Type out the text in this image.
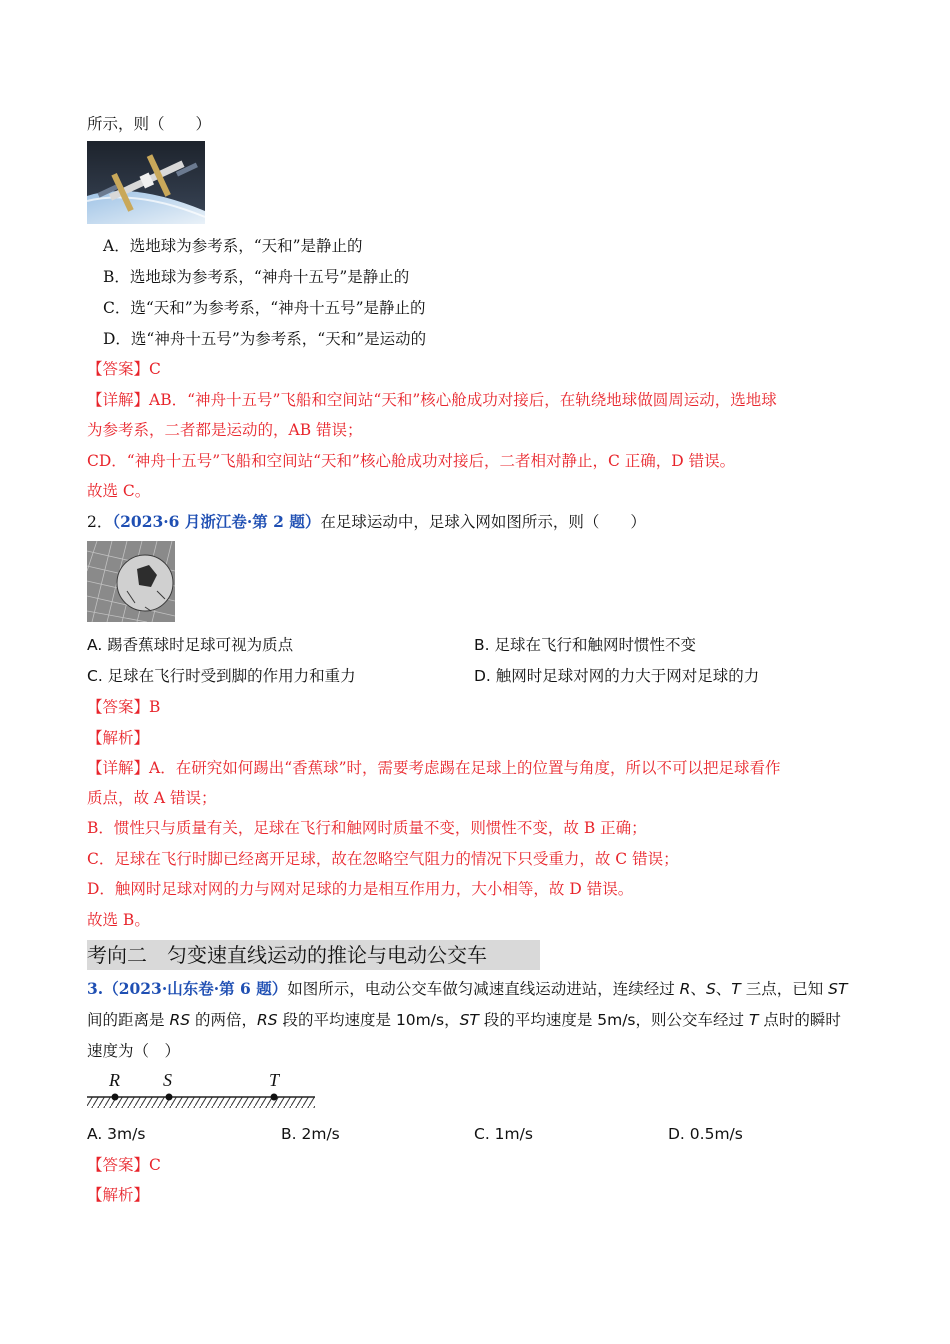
所示，则（　　）
A．选地球为参考系，“天和”是静止的
B．选地球为参考系，“神舟十五号”是静止的
C．选“天和”为参考系，“神舟十五号”是静止的
D．选“神舟十五号”为参考系，“天和”是运动的
【答案】C
【详解】AB．“神舟十五号”飞船和空间站“天和”核心舱成功对接后，在轨绕地球做圆周运动，选地球
为参考系，二者都是运动的，AB 错误；
CD．“神舟十五号”飞船和空间站“天和”核心舱成功对接后，二者相对静止，C 正确，D 错误。
故选 C。
2．（2023·6 月浙江卷·第 2 题）在足球运动中，足球入网如图所示，则（　　）
A. 踢香蕉球时足球可视为质点	B. 足球在飞行和触网时惯性不变
C. 足球在飞行时受到脚的作用力和重力	D. 触网时足球对网的力大于网对足球的力
【答案】B
【解析】
【详解】A．在研究如何踢出“香蕉球”时，需要考虑踢在足球上的位置与角度，所以不可以把足球看作
质点，故 A 错误；
B．惯性只与质量有关，足球在飞行和触网时质量不变，则惯性不变，故 B 正确；
C．足球在飞行时脚已经离开足球，故在忽略空气阻力的情况下只受重力，故 C 错误；
D．触网时足球对网的力与网对足球的力是相互作用力，大小相等，故 D 错误。
故选 B。
考向二　匀变速直线运动的推论与电动公交车
3.（2023·山东卷·第 6 题）如图所示，电动公交车做匀减速直线运动进站，连续经过 R、S、T 三点，已知 ST
间的距离是 RS 的两倍，RS 段的平均速度是 10m/s，ST 段的平均速度是 5m/s，则公交车经过 T 点时的瞬时
速度为（　）
R S	T
A. 3m/s	B. 2m/s	C. 1m/s	D. 0.5m/s
【答案】C
【解析】
